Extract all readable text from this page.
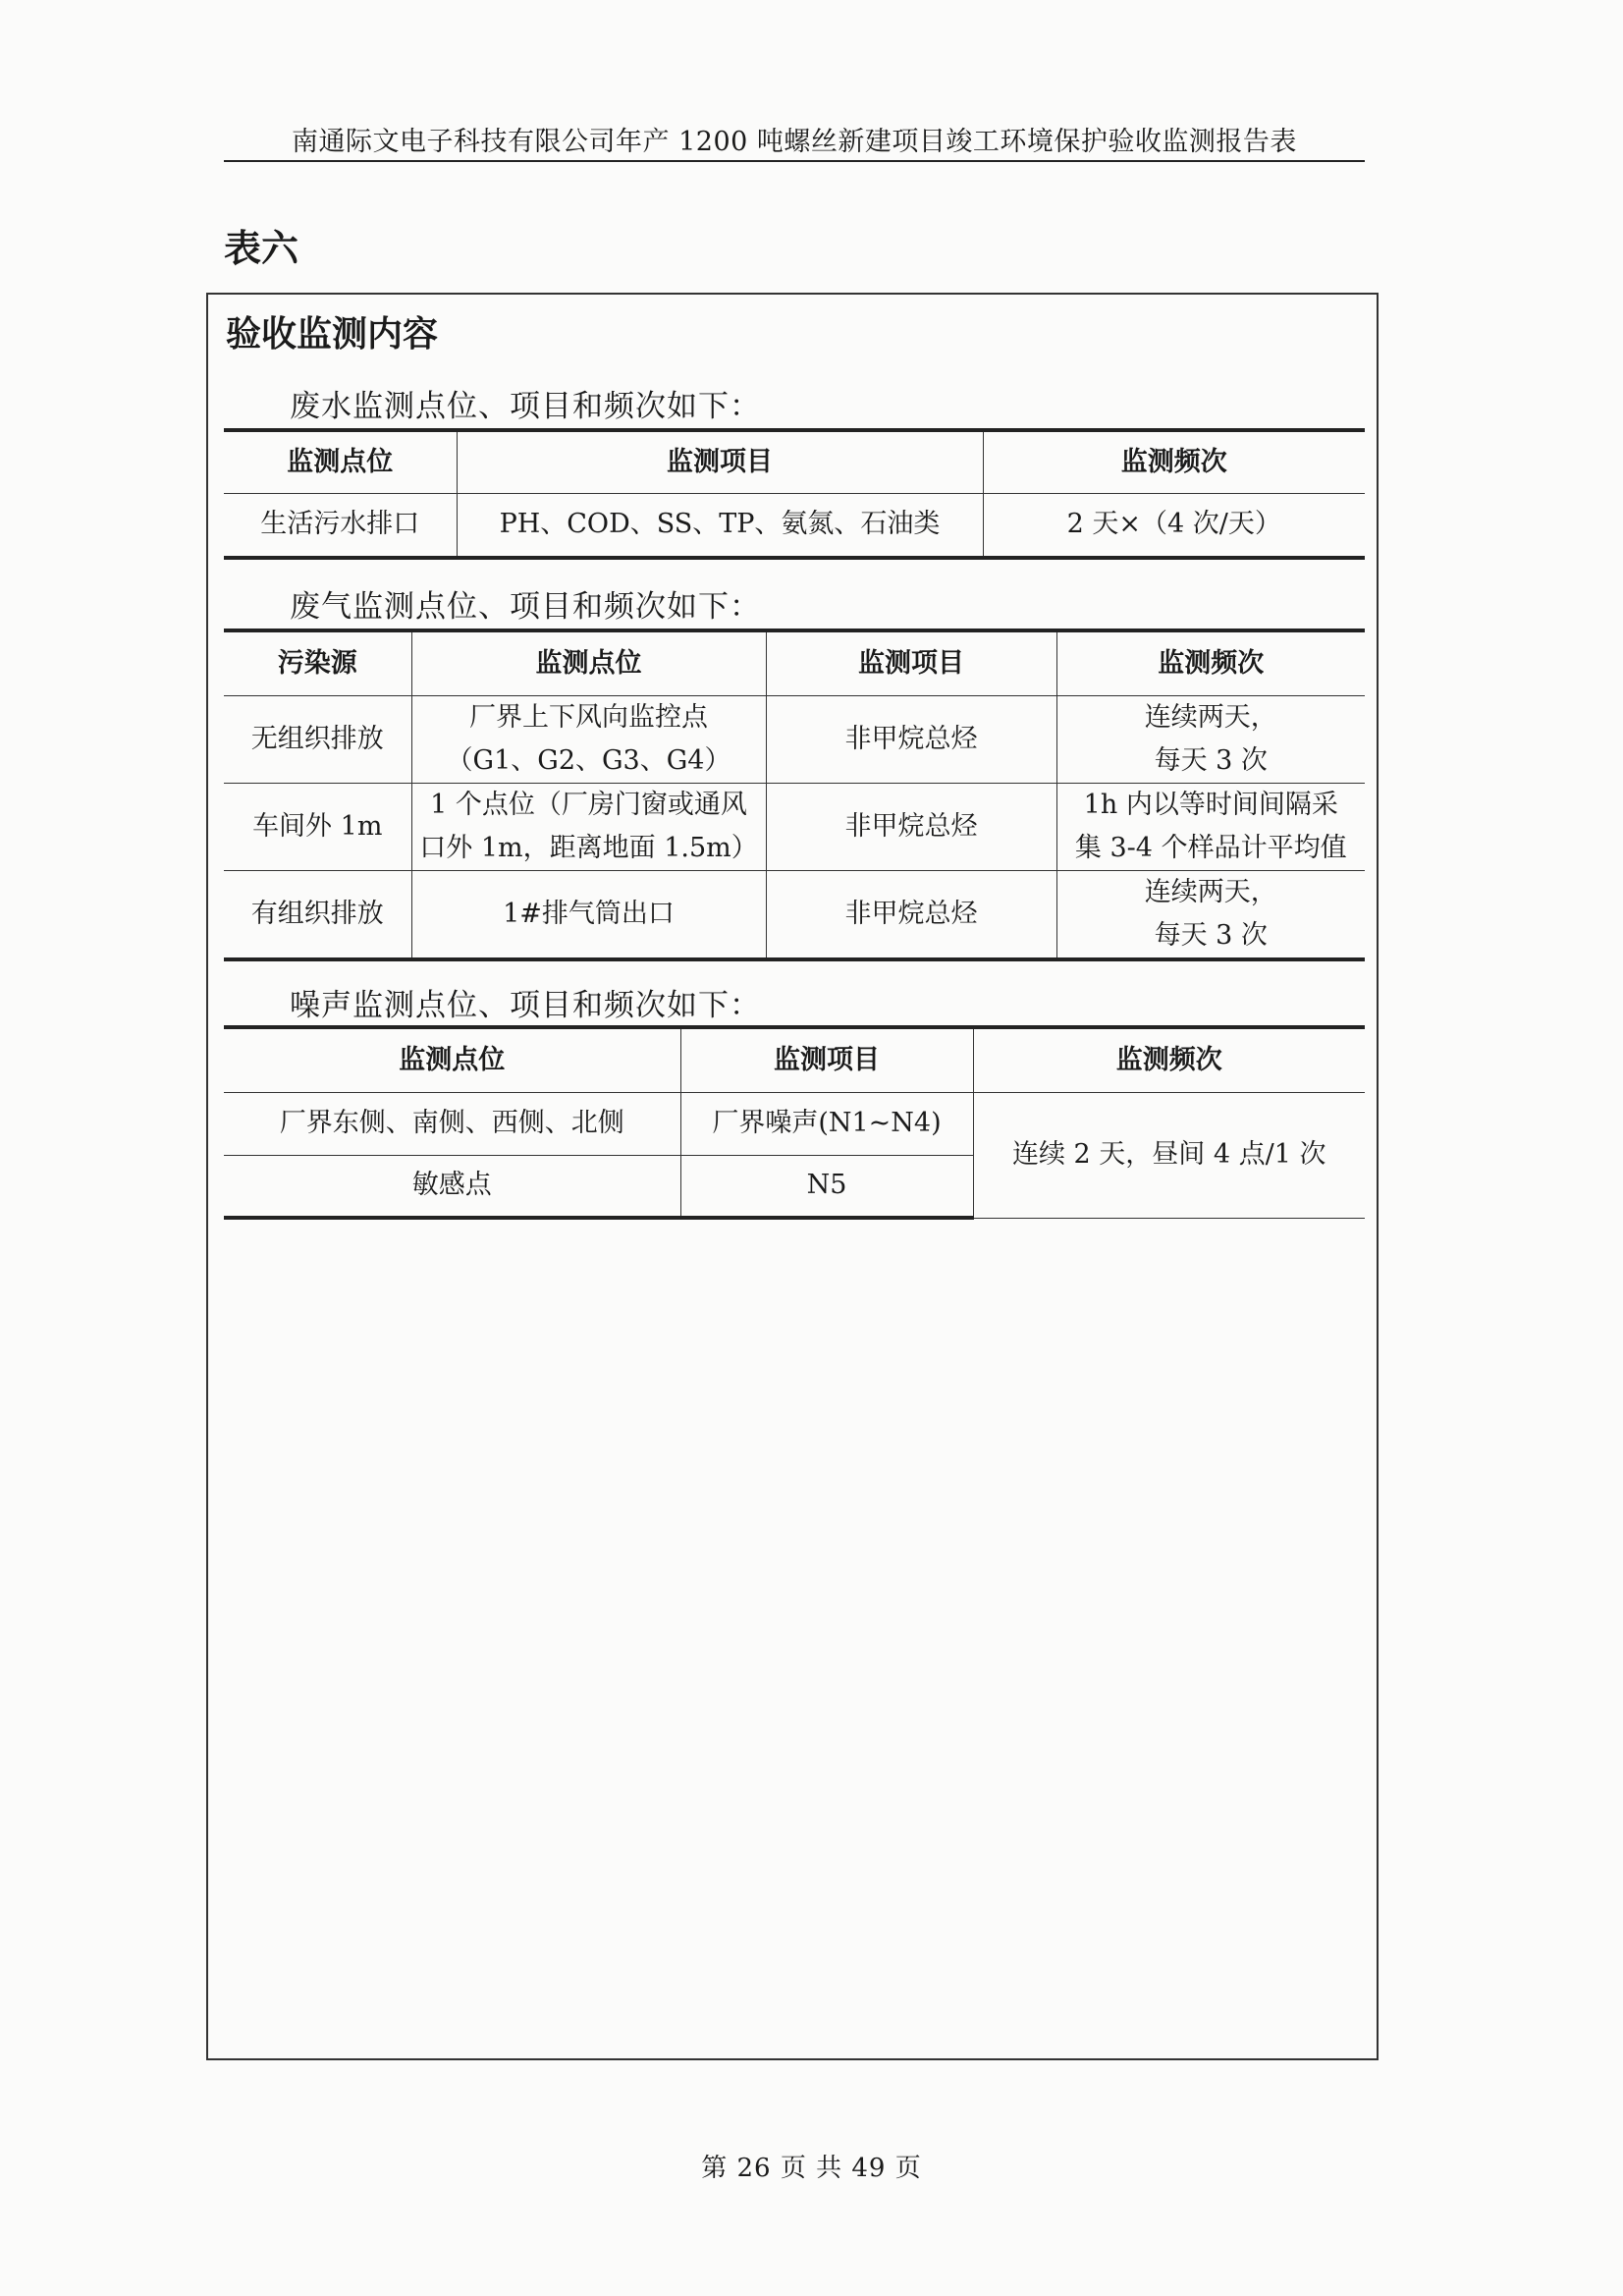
南通际文电子科技有限公司年产 1200 吨螺丝新建项目竣工环境保护验收监测报告表
表六
验收监测内容
废水监测点位、项目和频次如下：
监测点位	监测项目	监测频次
生活污水排口	PH、COD、SS、TP、氨氮、石油类	2 天×（4 次/天）
废气监测点位、项目和频次如下：
污染源	监测点位	监测项目	监测频次
无组织排放	厂界上下风向监控点
（G1、G2、G3、G4）	非甲烷总烃	连续两天，
每天 3 次

车间外 1m	1 个点位（厂房门窗或通风
口外 1m，距离地面 1.5m）	非甲烷总烃	1h 内以等时间间隔采
集 3-4 个样品计平均值

有组织排放	1#排气筒出口	非甲烷总烃	连续两天，
每天 3 次
噪声监测点位、项目和频次如下：
监测点位	监测项目	监测频次
厂界东侧、南侧、西侧、北侧	厂界噪声(N1~N4)	连续 2 天，昼间 4 点/1 次
敏感点	N5	
第 26 页 共 49 页
